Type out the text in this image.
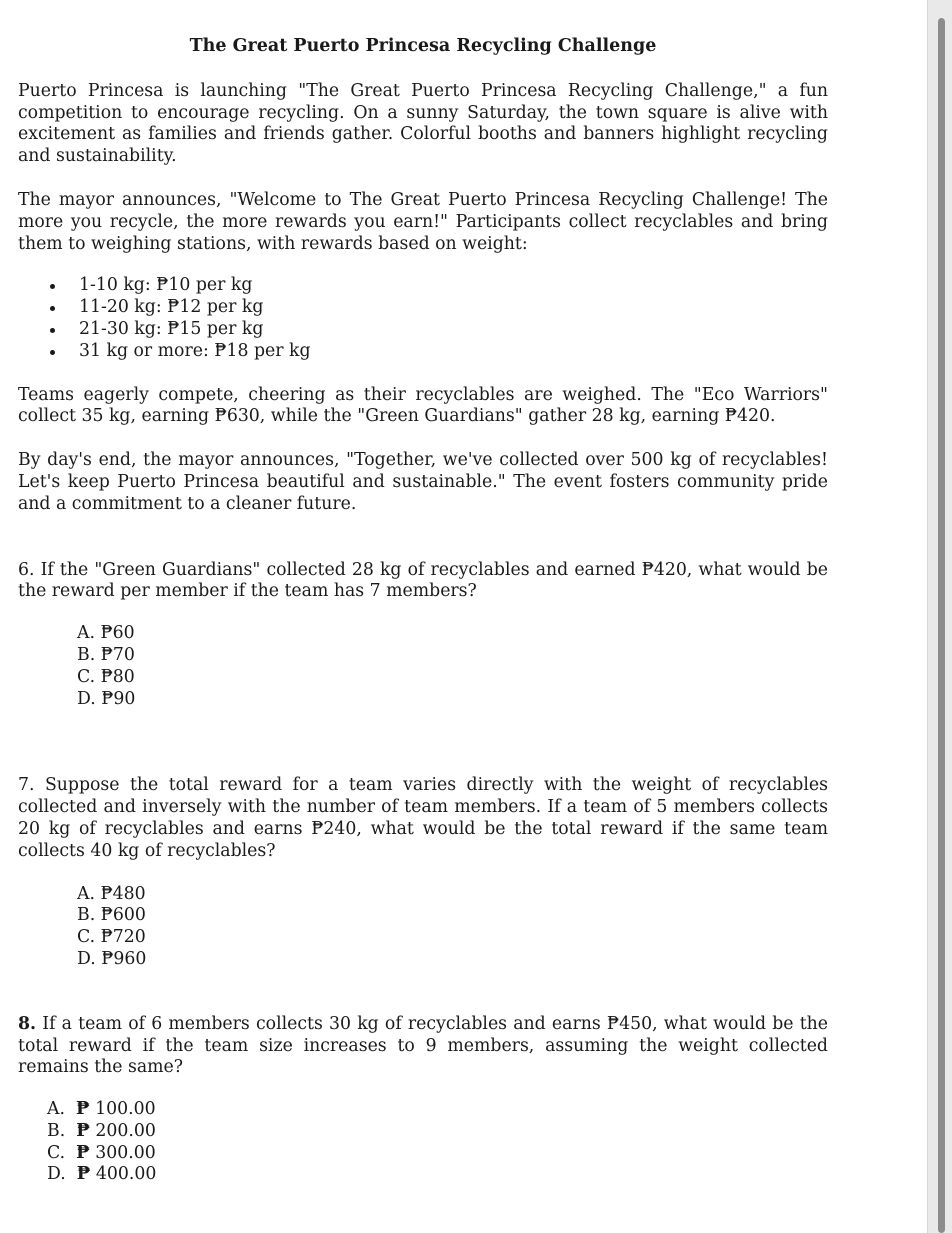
The Great Puerto Princesa Recycling Challenge

Puerto Princesa is launching "The Great Puerto Princesa Recycling Challenge," a fun competition to encourage recycling. On a sunny Saturday, the town square is alive with excitement as families and friends gather. Colorful booths and banners highlight recycling and sustainability.

The mayor announces, "Welcome to The Great Puerto Princesa Recycling Challenge! The more you recycle, the more rewards you earn!" Participants collect recyclables and bring them to weighing stations, with rewards based on weight:

1-10 kg: ₱10 per kg
11-20 kg: ₱12 per kg
21-30 kg: ₱15 per kg
31 kg or more: ₱18 per kg

Teams eagerly compete, cheering as their recyclables are weighed. The "Eco Warriors" collect 35 kg, earning ₱630, while the "Green Guardians" gather 28 kg, earning ₱420.

By day's end, the mayor announces, "Together, we've collected over 500 kg of recyclables! Let's keep Puerto Princesa beautiful and sustainable." The event fosters community pride and a commitment to a cleaner future.

6. If the "Green Guardians" collected 28 kg of recyclables and earned ₱420, what would be the reward per member if the team has 7 members?

A. ₱60
B. ₱70
C. ₱80
D. ₱90

7. Suppose the total reward for a team varies directly with the weight of recyclables collected and inversely with the number of team members. If a team of 5 members collects 20 kg of recyclables and earns ₱240, what would be the total reward if the same team collects 40 kg of recyclables?

A. ₱480
B. ₱600
C. ₱720
D. ₱960

8. If a team of 6 members collects 30 kg of recyclables and earns ₱450, what would be the total reward if the team size increases to 9 members, assuming the weight collected remains the same?

A. ₱ 100.00
B. ₱ 200.00
C. ₱ 300.00
D. ₱ 400.00
